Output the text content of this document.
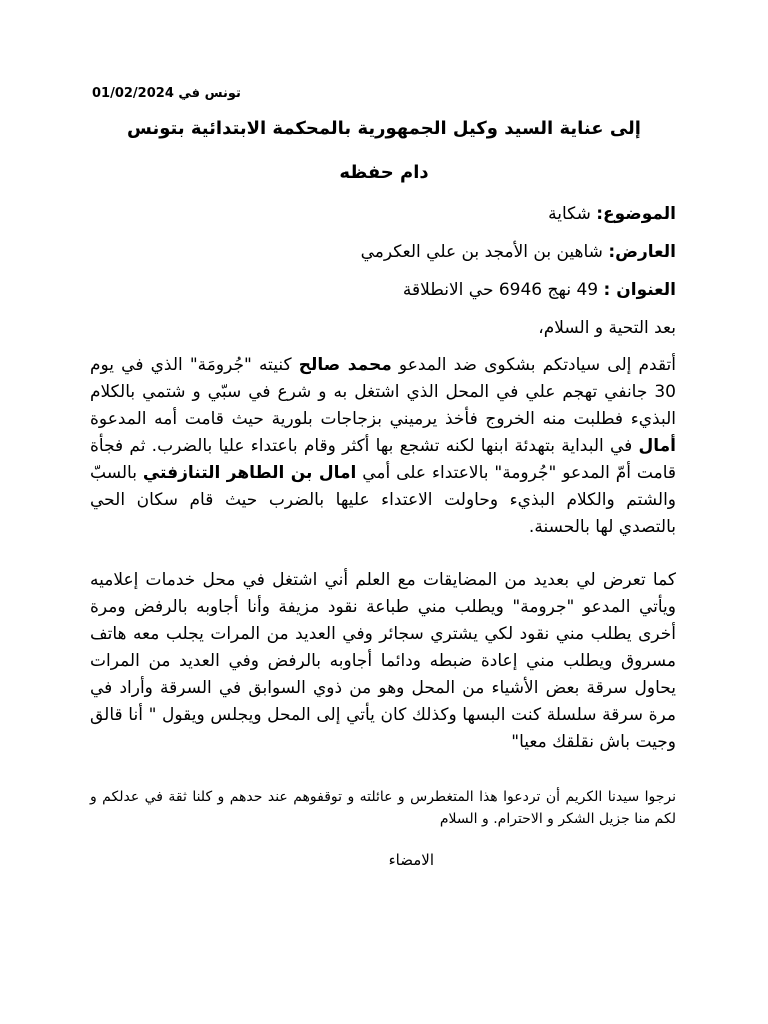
تونس في 01/02/2024
إلى عناية السيد وكيل الجمهورية بالمحكمة الابتدائية بتونس
دام حفظه
الموضوع: شكاية
العارض: شاهين بن الأمجد بن علي العكرمي
العنوان : 49 نهج 6946 حي الانطلاقة
بعد التحية و السلام،
أتقدم إلى سيادتكم بشكوى ضد المدعو محمد صالح كنيته "جُرومَة" الذي في يوم 30 جانفي تهجم علي في المحل الذي اشتغل به و شرع في سبّي و شتمي بالكلام البذيء فطلبت منه الخروج فأخذ يرميني بزجاجات بلورية حيث قامت أمه المدعوة أمال في البداية بتهدئة ابنها لكنه تشجع بها أكثر وقام باعتداء عليا بالضرب. ثم فجأة قامت أمّ المدعو "جُرومة" بالاعتداء على أمي امال بن الطاهر التنازفتي بالسبّ والشتم والكلام البذيء وحاولت الاعتداء عليها بالضرب حيث قام سكان الحي بالتصدي لها بالحسنة.
كما تعرض لي بعديد من المضايقات مع العلم أني اشتغل في محل خدمات إعلاميه ويأتي المدعو "جرومة" ويطلب مني طباعة نقود مزيفة وأنا أجاوبه بالرفض ومرة أخرى يطلب مني نقود لكي يشتري سجائر وفي العديد من المرات يجلب معه هاتف مسروق ويطلب مني إعادة ضبطه ودائما أجاوبه بالرفض وفي العديد من المرات يحاول سرقة بعض الأشياء من المحل وهو من ذوي السوابق في السرقة وأراد في مرة سرقة سلسلة كنت البسها وكذلك كان يأتي إلى المحل ويجلس ويقول " أنا قالق وجيت باش نقلقك معيا"
نرجوا سيدنا الكريم أن تردعوا هذا المتغطرس و عائلته و توقفوهم عند حدهم و كلنا ثقة في عدلكم و لكم منا جزيل الشكر و الاحترام. و السلام
الامضاء
